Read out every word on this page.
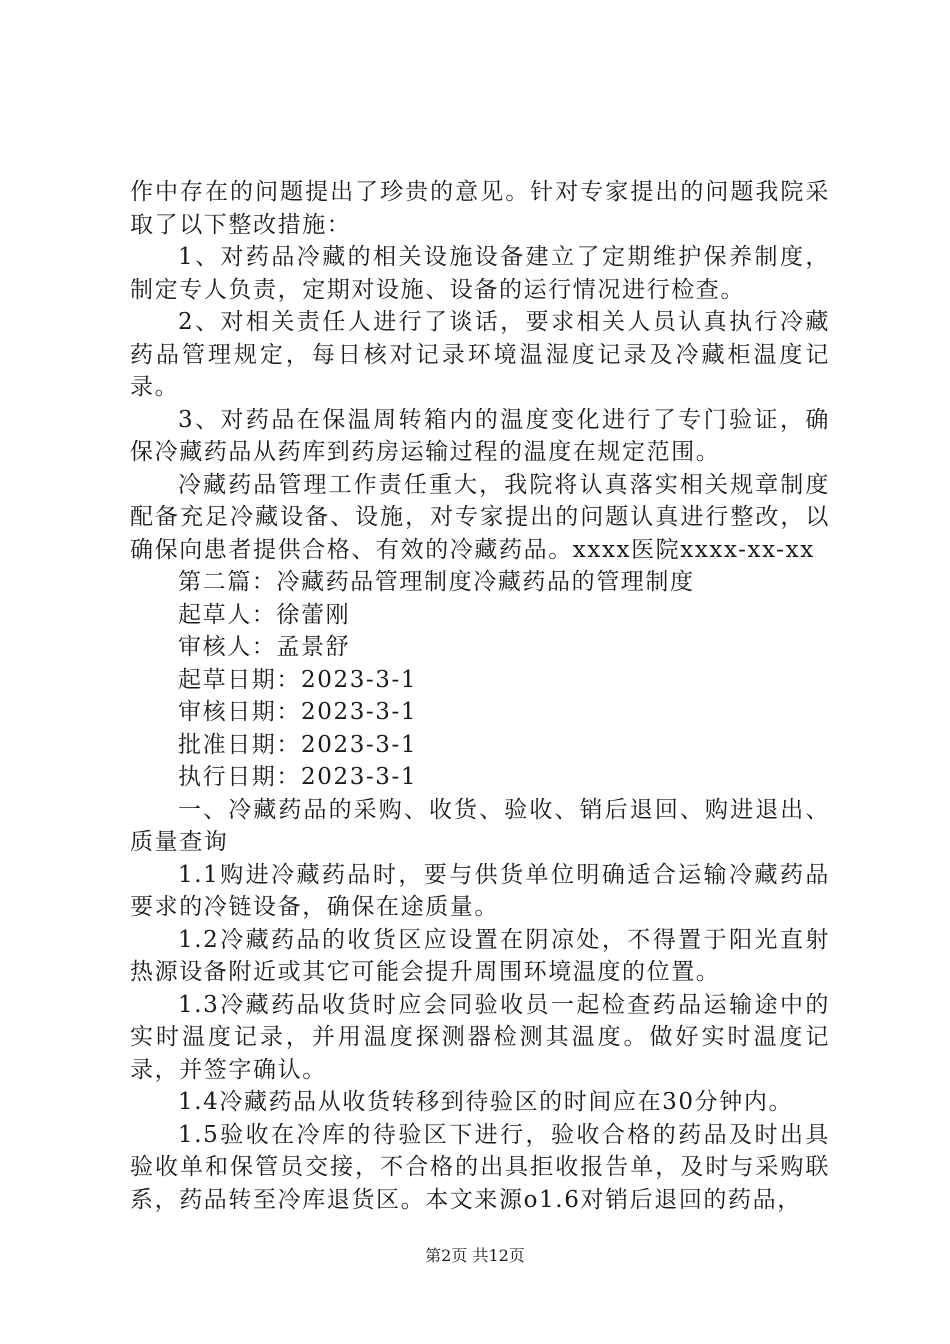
作中存在的问题提出了珍贵的意见。针对专家提出的问题我院采取了以下整改措施：

1、对药品冷藏的相关设施设备建立了定期维护保养制度，制定专人负责，定期对设施、设备的运行情况进行检查。

2、对相关责任人进行了谈话，要求相关人员认真执行冷藏药品管理规定，每日核对记录环境温湿度记录及冷藏柜温度记录。

3、对药品在保温周转箱内的温度变化进行了专门验证，确保冷藏药品从药库到药房运输过程的温度在规定范围。

冷藏药品管理工作责任重大，我院将认真落实相关规章制度配备充足冷藏设备、设施，对专家提出的问题认真进行整改，以确保向患者提供合格、有效的冷藏药品。xxxx医院xxxx-xx-xx

第二篇：冷藏药品管理制度冷藏药品的管理制度

起草人：徐蕾刚

审核人：孟景舒

起草日期：2023-3-1

审核日期：2023-3-1

批准日期：2023-3-1

执行日期：2023-3-1

一、冷藏药品的采购、收货、验收、销后退回、购进退出、质量查询

1.1购进冷藏药品时，要与供货单位明确适合运输冷藏药品要求的冷链设备，确保在途质量。

1.2冷藏药品的收货区应设置在阴凉处，不得置于阳光直射热源设备附近或其它可能会提升周围环境温度的位置。

1.3冷藏药品收货时应会同验收员一起检查药品运输途中的实时温度记录，并用温度探测器检测其温度。做好实时温度记录，并签字确认。

1.4冷藏药品从收货转移到待验区的时间应在30分钟内。

1.5验收在冷库的待验区下进行，验收合格的药品及时出具验收单和保管员交接，不合格的出具拒收报告单，及时与采购联系，药品转至冷库退货区。本文来源o1.6对销后退回的药品，

第2页 共12页
